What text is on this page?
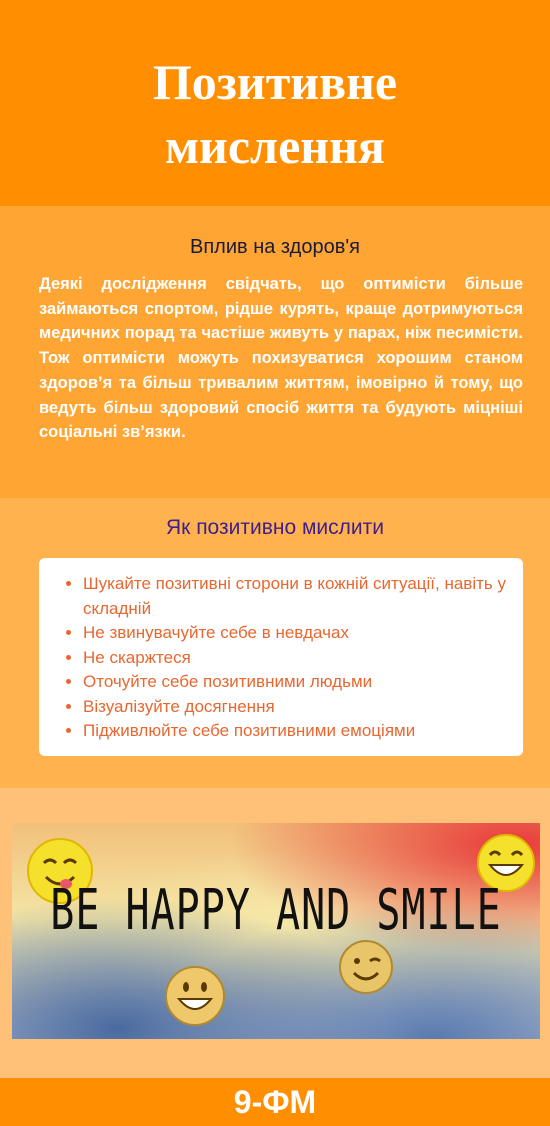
Позитивне
мислення
Вплив на здоров'я

Деякі дослідження свідчать, що оптимісти більше займаються спортом, рідше курять, краще дотримуються медичних порад та частіше живуть у парах, ніж песимісти. Тож оптимісти можуть похизуватися хорошим станом здоров’я та більш тривалим життям, імовірно й тому, що ведуть більш здоровий спосіб життя та будують міцніші соціальні зв’язки.

Як позитивно мислити
• Шукайте позитивні сторони в кожній ситуації, навіть у складній
• Не звинувачуйте себе в невдачах
• Не скаржтеся
• Оточуйте себе позитивними людьми
• Візуалізуйте досягнення
• Підживлюйте себе позитивними емоціями
BE HAPPY AND SMILE
9-ФМ
